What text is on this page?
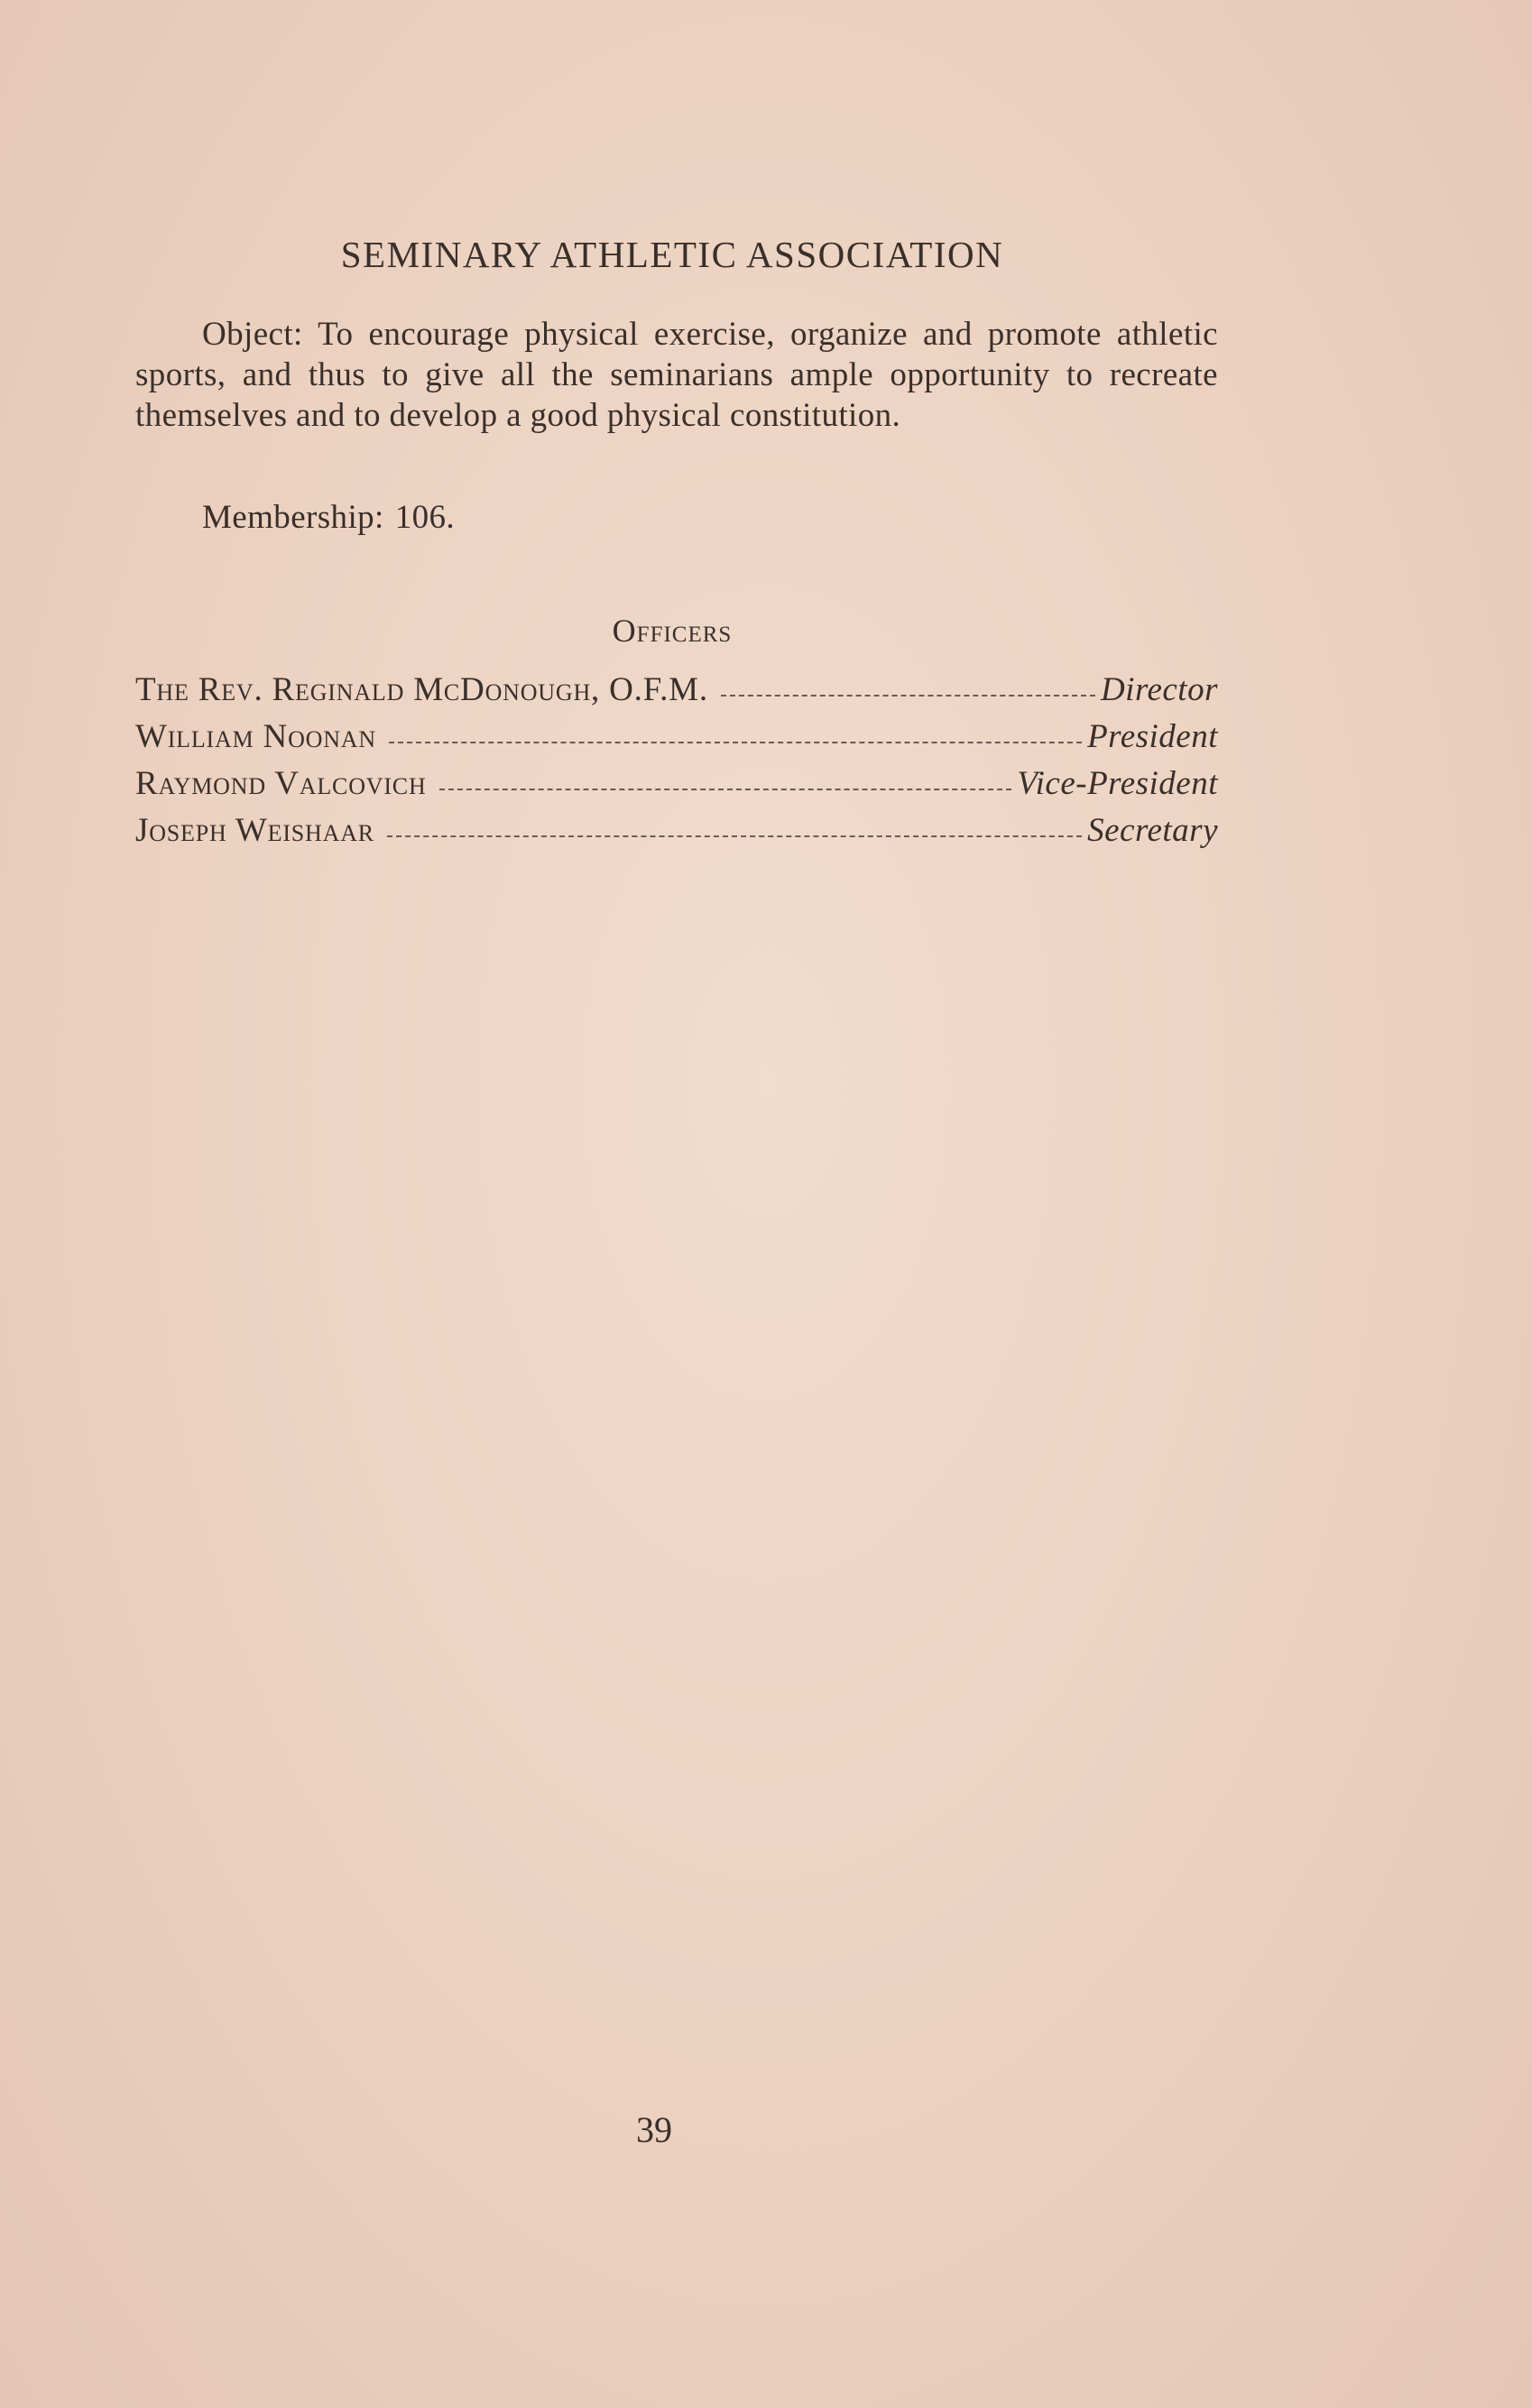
SEMINARY ATHLETIC ASSOCIATION

Object: To encourage physical exercise, organize and promote athletic sports, and thus to give all the seminarians ample opportunity to recreate themselves and to develop a good physical constitution.

Membership: 106.
Officers
The Rev. Reginald McDonough, O.F.M.	Director
William Noonan	President
Raymond Valcovich	Vice-President
Joseph Weishaar	Secretary
39
